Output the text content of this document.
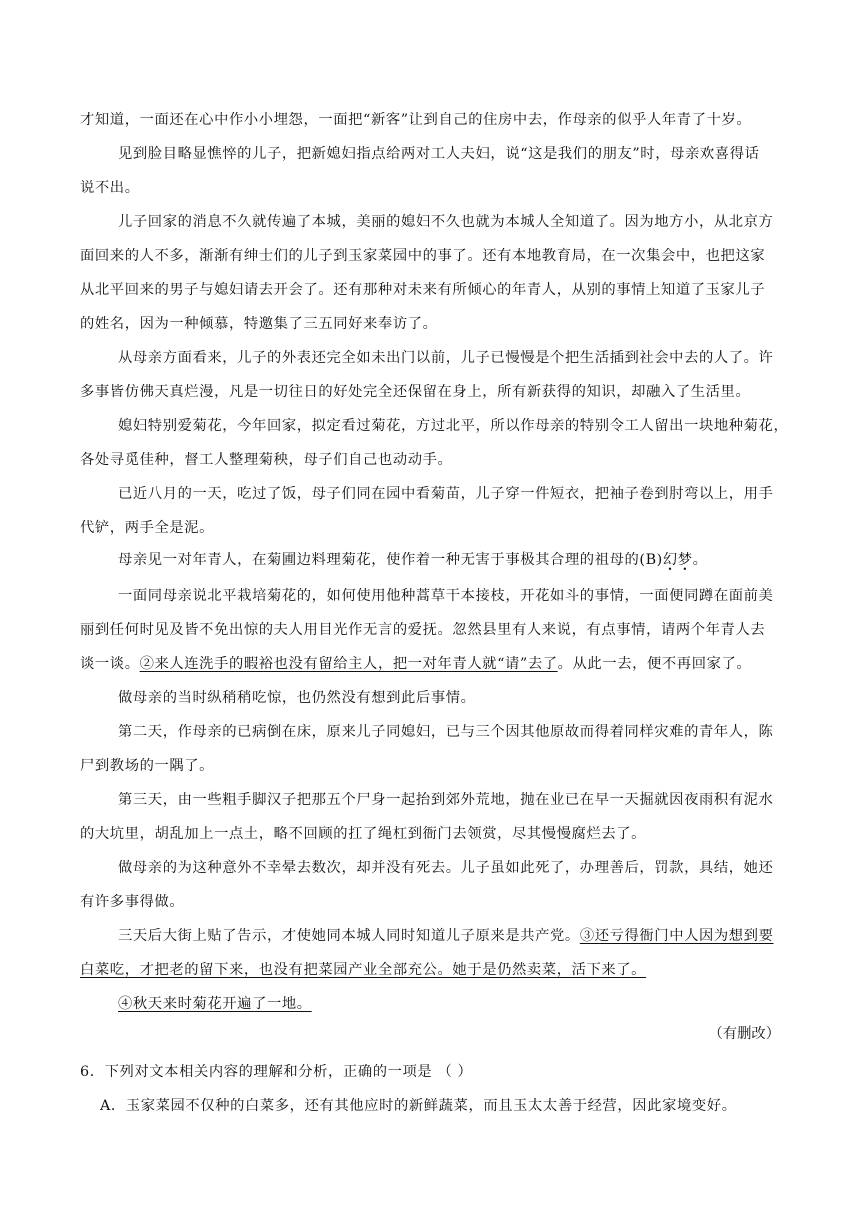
才知道，一面还在心中作小小埋怨，一面把“新客”让到自己的住房中去，作母亲的似乎人年青了十岁。
见到脸目略显憔悴的儿子，把新媳妇指点给两对工人夫妇，说“这是我们的朋友”时，母亲欢喜得话
说不出。
儿子回家的消息不久就传遍了本城，美丽的媳妇不久也就为本城人全知道了。因为地方小，从北京方
面回来的人不多，渐渐有绅士们的儿子到玉家菜园中的事了。还有本地教育局，在一次集会中，也把这家
从北平回来的男子与媳妇请去开会了。还有那种对未来有所倾心的年青人，从别的事情上知道了玉家儿子
的姓名，因为一种倾慕，特邀集了三五同好来奉访了。
从母亲方面看来，儿子的外表还完全如未出门以前，儿子已慢慢是个把生活插到社会中去的人了。许
多事皆仿佛天真烂漫，凡是一切往日的好处完全还保留在身上，所有新获得的知识，却融入了生活里。
媳妇特别爱菊花，今年回家，拟定看过菊花，方过北平，所以作母亲的特别令工人留出一块地种菊花，
各处寻觅佳种，督工人整理菊秧，母子们自己也动动手。
已近八月的一天，吃过了饭，母子们同在园中看菊苗，儿子穿一件短衣，把袖子卷到肘弯以上，用手
代铲，两手全是泥。
母亲见一对年青人，在菊圃边料理菊花，使作着一种无害于事极其合理的祖母的(B)幻梦。
一面同母亲说北平栽培菊花的，如何使用他种蒿草干本接枝，开花如斗的事情，一面便同蹲在面前美
丽到任何时见及皆不免出惊的夫人用目光作无言的爱抚。忽然县里有人来说，有点事情，请两个年青人去
谈一谈。②来人连洗手的暇裕也没有留给主人，把一对年青人就“请”去了。从此一去，便不再回家了。
做母亲的当时纵稍稍吃惊，也仍然没有想到此后事情。
第二天，作母亲的已病倒在床，原来儿子同媳妇，已与三个因其他原故而得着同样灾难的青年人，陈
尸到教场的一隅了。
第三天，由一些粗手脚汉子把那五个尸身一起抬到郊外荒地，抛在业已在早一天掘就因夜雨积有泥水
的大坑里，胡乱加上一点土，略不回顾的扛了绳杠到衙门去领赏，尽其慢慢腐烂去了。
做母亲的为这种意外不幸晕去数次，却并没有死去。儿子虽如此死了，办理善后，罚款，具结，她还
有许多事得做。
三天后大街上贴了告示，才使她同本城人同时知道儿子原来是共产党。③还亏得衙门中人因为想到要
白菜吃，才把老的留下来，也没有把菜园产业全部充公。她于是仍然卖菜，活下来了。
④秋天来时菊花开遍了一地。
（有删改）
6．下列对文本相关内容的理解和分析，正确的一项是 （ ）
A．玉家菜园不仅种的白菜多，还有其他应时的新鲜蔬菜，而且玉太太善于经营，因此家境变好。
